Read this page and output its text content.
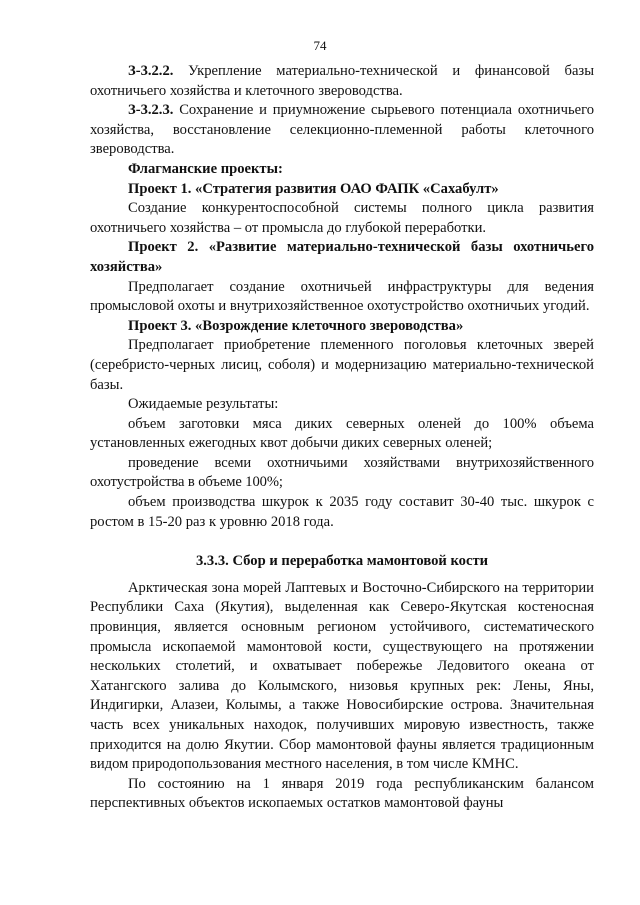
74

З-3.2.2. Укрепление материально-технической и финансовой базы охотничьего хозяйства и клеточного звероводства.

З-3.2.3. Сохранение и приумножение сырьевого потенциала охотничьего хозяйства, восстановление селекционно-племенной работы клеточного звероводства.

Флагманские проекты:

Проект 1. «Стратегия развития ОАО ФАПК «Сахабулт»

Создание конкурентоспособной системы полного цикла развития охотничьего хозяйства – от промысла до глубокой переработки.

Проект 2. «Развитие материально-технической базы охотничьего хозяйства»

Предполагает создание охотничьей инфраструктуры для ведения промысловой охоты и внутрихозяйственное охотустройство охотничьих угодий.

Проект 3. «Возрождение клеточного звероводства»

Предполагает приобретение племенного поголовья клеточных зверей (серебристо-черных лисиц, соболя) и модернизацию материально-технической базы.

Ожидаемые результаты:

объем заготовки мяса диких северных оленей до 100% объема установленных ежегодных квот добычи диких северных оленей;

проведение всеми охотничьими хозяйствами внутрихозяйственного охотустройства в объеме 100%;

объем производства шкурок к 2035 году составит 30-40 тыс. шкурок с ростом в 15-20 раз к уровню 2018 года.

3.3.3. Сбор и переработка мамонтовой кости

Арктическая зона морей Лаптевых и Восточно-Сибирского на территории Республики Саха (Якутия), выделенная как Северо-Якутская костеносная провинция, является основным регионом устойчивого, систематического промысла ископаемой мамонтовой кости, существующего на протяжении нескольких столетий, и охватывает побережье Ледовитого океана от Хатангского залива до Колымского, низовья крупных рек: Лены, Яны, Индигирки, Алазеи, Колымы, а также Новосибирские острова. Значительная часть всех уникальных находок, получивших мировую известность, также приходится на долю Якутии. Сбор мамонтовой фауны является традиционным видом природопользования местного населения, в том числе КМНС.

По состоянию на 1 января 2019 года республиканским балансом перспективных объектов ископаемых остатков мамонтовой фауны
